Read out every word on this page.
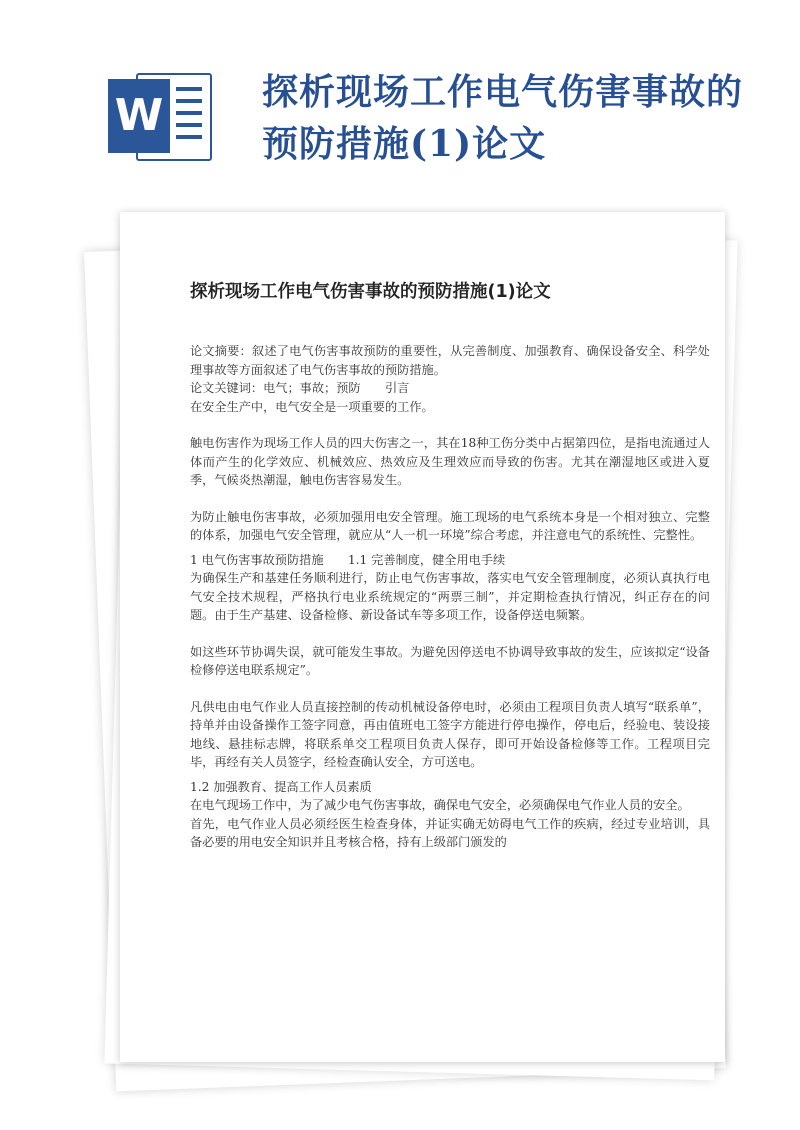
W	探析现场工作电气伤害事故的
预防措施(1)论文
探析现场工作电气伤害事故的预防措施(1)论文

论文摘要：叙述了电气伤害事故预防的重要性，从完善制度、加强教育、确保设备安全、科学处理事故等方面叙述了电气伤害事故的预防措施。

论文关键词：电气；事故；预防　　引言

在安全生产中，电气安全是一项重要的工作。

触电伤害作为现场工作人员的四大伤害之一，其在18种工伤分类中占据第四位，是指电流通过人体而产生的化学效应、机械效应、热效应及生理效应而导致的伤害。尤其在潮湿地区或进入夏季，气候炎热潮湿，触电伤害容易发生。

为防止触电伤害事故，必须加强用电安全管理。施工现场的电气系统本身是一个相对独立、完整的体系，加强电气安全管理，就应从“人一机一环境”综合考虑，并注意电气的系统性、完整性。

1 电气伤害事故预防措施　　1.1 完善制度，健全用电手续

为确保生产和基建任务顺利进行，防止电气伤害事故，落实电气安全管理制度，必须认真执行电气安全技术规程，严格执行电业系统规定的“两票三制”，并定期检查执行情况，纠正存在的问题。由于生产基建、设备检修、新设备试车等多项工作，设备停送电频繁。

如这些环节协调失误，就可能发生事故。为避免因停送电不协调导致事故的发生，应该拟定“设备检修停送电联系规定”。

凡供电由电气作业人员直接控制的传动机械设备停电时，必须由工程项目负责人填写“联系单”，持单并由设备操作工签字同意，再由值班电工签字方能进行停电操作，停电后，经验电、装设接地线、悬挂标志牌，将联系单交工程项目负责人保存，即可开始设备检修等工作。工程项目完毕，再经有关人员签字，经检查确认安全，方可送电。

1.2 加强教育、提高工作人员素质

在电气现场工作中，为了减少电气伤害事故，确保电气安全，必须确保电气作业人员的安全。

首先，电气作业人员必须经医生检查身体，并证实确无妨碍电气工作的疾病，经过专业培训，具备必要的用电安全知识并且考核合格，持有上级部门颁发的
